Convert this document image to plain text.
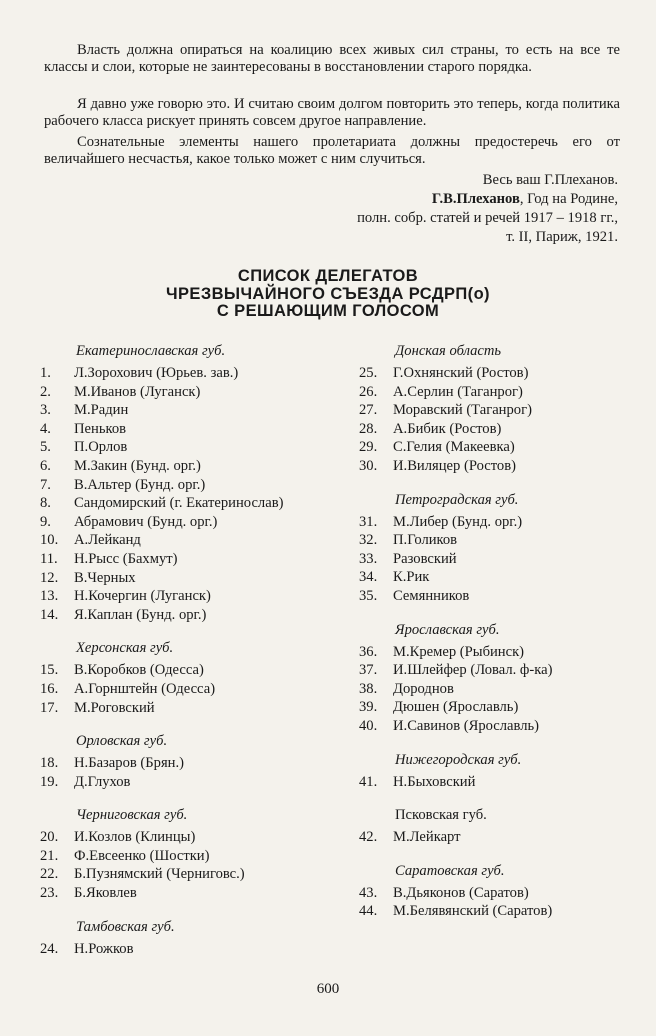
Власть должна опираться на коалицию всех живых сил страны, то есть на все те классы и слои, которые не заинтересованы в восстановлении старого порядка.

Я давно уже говорю это. И считаю своим долгом повторить это теперь, когда политика рабочего класса рискует принять совсем другое направление.

Сознательные элементы нашего пролетариата должны предостеречь его от величайшего несчастья, какое только может с ним случиться.

Весь ваш Г.Плеханов.
Г.В.Плеханов, Год на Родине,
полн. собр. статей и речей 1917 – 1918 гг.,
т. II, Париж, 1921.
СПИСОК ДЕЛЕГАТОВ
ЧРЕЗВЫЧАЙНОГО СЪЕЗДА РСДРП(о)
С РЕШАЮЩИМ ГОЛОСОМ
Екатеринославская губ.
1. Л.Зорохович (Юрьев. зав.)
2. М.Иванов (Луганск)
3. М.Радин
4. Пеньков
5. П.Орлов
6. М.Закин (Бунд. орг.)
7. В.Альтер (Бунд. орг.)
8. Сандомирский (г. Екатеринослав)
9. Абрамович (Бунд. орг.)
10. А.Лейканд
11. Н.Рысс (Бахмут)
12. В.Черных
13. Н.Кочергин (Луганск)
14. Я.Каплан (Бунд. орг.)
Херсонская губ.
15. В.Коробков (Одесса)
16. А.Горнштейн (Одесса)
17. М.Роговский
Орловская губ.
18. Н.Базаров (Брян.)
19. Д.Глухов
Черниговская губ.
20. И.Козлов (Клинцы)
21. Ф.Евсеенко (Шостки)
22. Б.Пузнямский (Черниговс.)
23. Б.Яковлев
Тамбовская губ.
24. Н.Рожков
Донская область
25. Г.Охнянский (Ростов)
26. А.Серлин (Таганрог)
27. Моравский (Таганрог)
28. А.Бибик (Ростов)
29. С.Гелия (Макеевка)
30. И.Виляцер (Ростов)
Петроградская губ.
31. М.Либер (Бунд. орг.)
32. П.Голиков
33. Разовский
34. К.Рик
35. Семянников
Ярославская губ.
36. М.Кремер (Рыбинск)
37. И.Шлейфер (Ловал. ф-ка)
38. Дороднов
39. Дюшен (Ярославль)
40. И.Савинов (Ярославль)
Нижегородская губ.
41. Н.Быховский
Псковская губ.
42. М.Лейкарт
Саратовская губ.
43. В.Дьяконов (Саратов)
44. М.Белявянский (Саратов)
600
